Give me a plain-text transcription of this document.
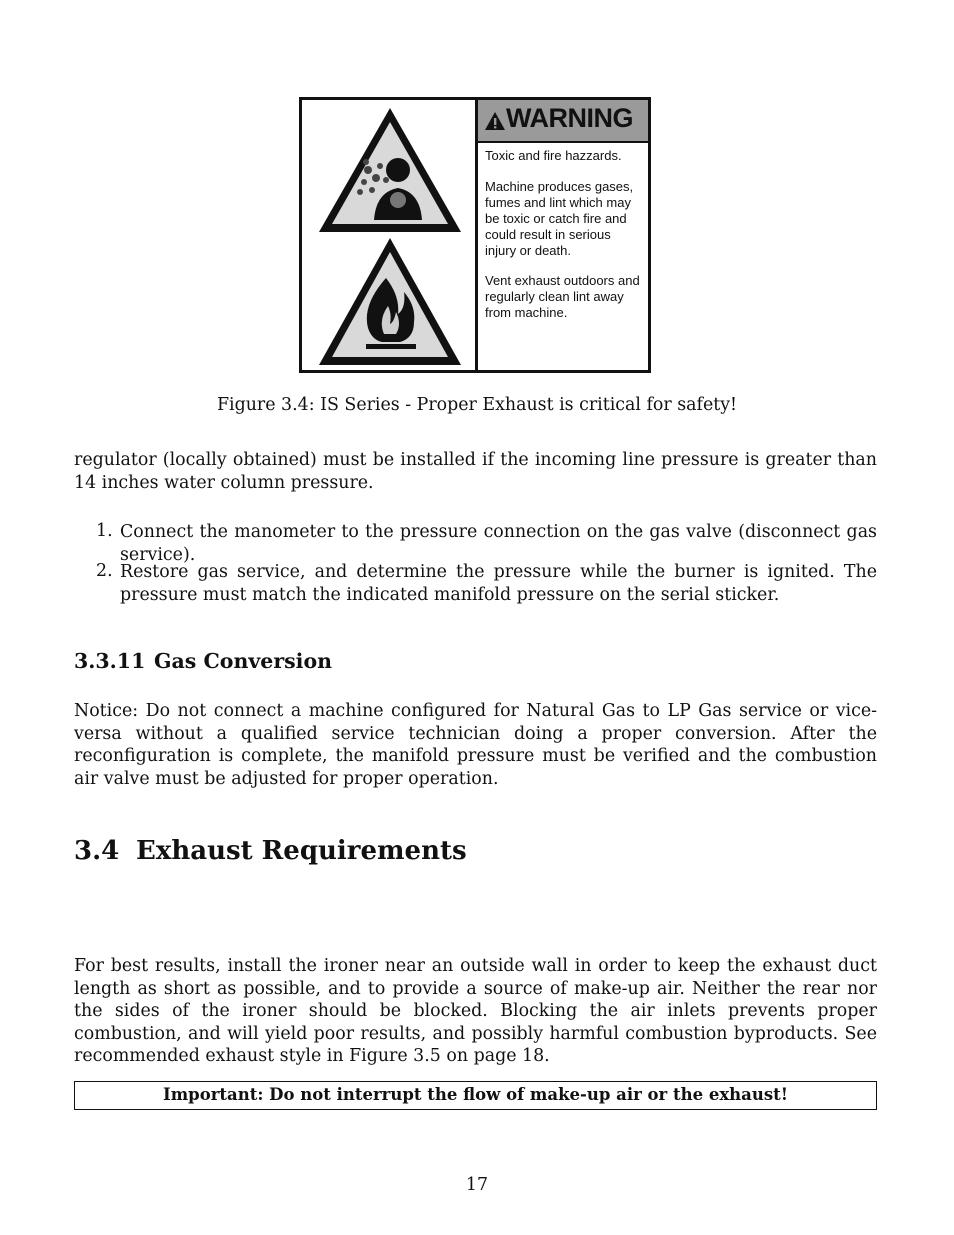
WARNING
Toxic and fire hazzards.
Machine produces gases,
fumes and lint which may
be toxic or catch fire and
could result in serious
injury or death.
Vent exhaust outdoors and
regularly clean lint away
from machine.
Figure 3.4: IS Series - Proper Exhaust is critical for safety!
regulator (locally obtained) must be installed if the incoming line pressure is greater than 14 inches water column pressure.
1. Connect the manometer to the pressure connection on the gas valve (disconnect gas service).
2. Restore gas service, and determine the pressure while the burner is ignited. The pressure must match the indicated manifold pressure on the serial sticker.
3.3.11 Gas Conversion
Notice: Do not connect a machine configured for Natural Gas to LP Gas service or vice-versa without a qualified service technician doing a proper conversion. After the reconfiguration is complete, the manifold pressure must be verified and the combustion air valve must be adjusted for proper operation.
3.4 Exhaust Requirements
For best results, install the ironer near an outside wall in order to keep the exhaust duct length as short as possible, and to provide a source of make-up air. Neither the rear nor the sides of the ironer should be blocked. Blocking the air inlets prevents proper combustion, and will yield poor results, and possibly harmful combustion byproducts. See recommended exhaust style in Figure 3.5 on page 18.
Important: Do not interrupt the flow of make-up air or the exhaust!
17
